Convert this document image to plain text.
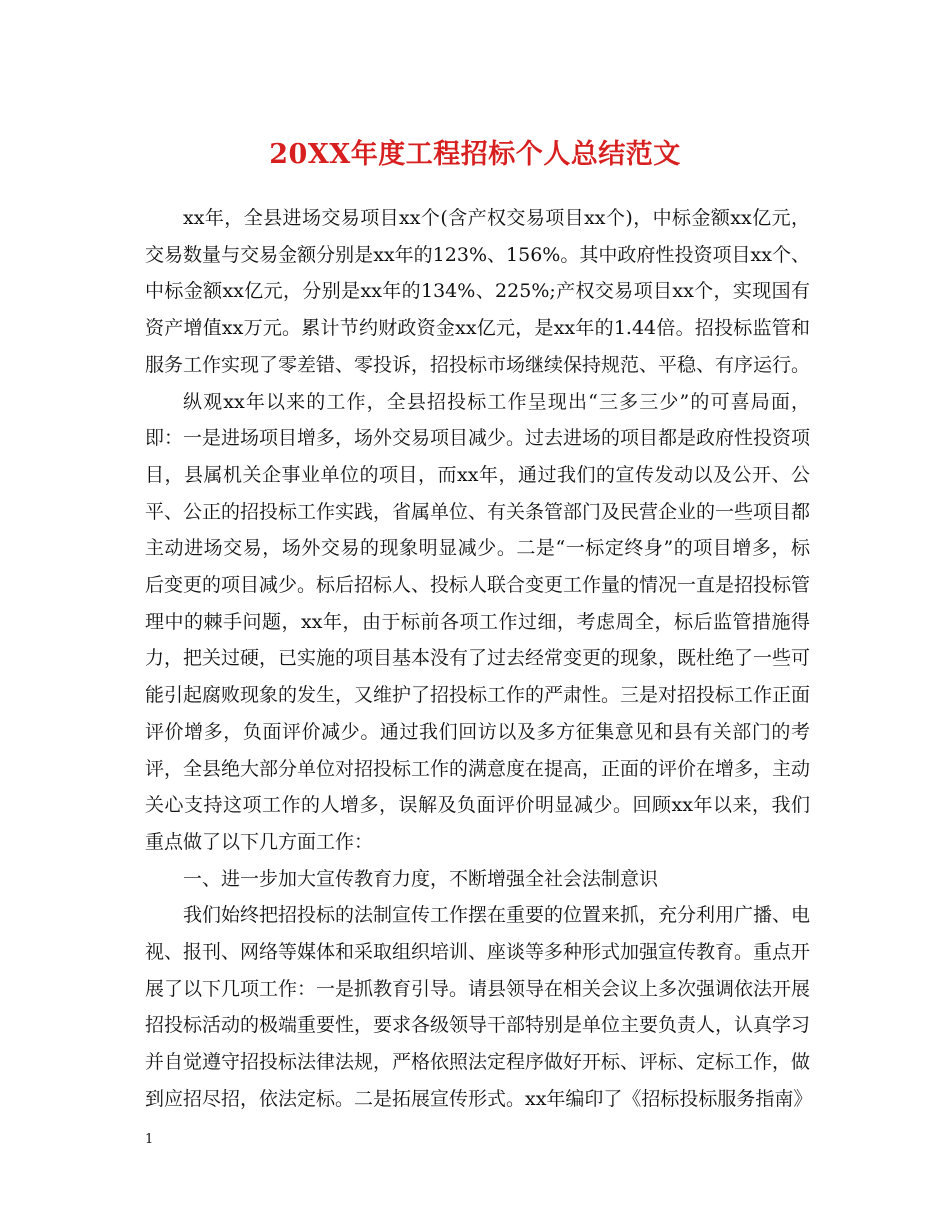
20XX年度工程招标个人总结范文

xx年，全县进场交易项目xx个(含产权交易项目xx个)，中标金额xx亿元，交易数量与交易金额分别是xx年的123%、156%。其中政府性投资项目xx个、中标金额xx亿元，分别是xx年的134%、225%;产权交易项目xx个，实现国有资产增值xx万元。累计节约财政资金xx亿元，是xx年的1.44倍。招投标监管和服务工作实现了零差错、零投诉，招投标市场继续保持规范、平稳、有序运行。

纵观xx年以来的工作，全县招投标工作呈现出“三多三少”的可喜局面，即：一是进场项目增多，场外交易项目减少。过去进场的项目都是政府性投资项目，县属机关企事业单位的项目，而xx年，通过我们的宣传发动以及公开、公平、公正的招投标工作实践，省属单位、有关条管部门及民营企业的一些项目都主动进场交易，场外交易的现象明显减少。二是“一标定终身”的项目增多，标后变更的项目减少。标后招标人、投标人联合变更工作量的情况一直是招投标管理中的棘手问题，xx年，由于标前各项工作过细，考虑周全，标后监管措施得力，把关过硬，已实施的项目基本没有了过去经常变更的现象，既杜绝了一些可能引起腐败现象的发生，又维护了招投标工作的严肃性。三是对招投标工作正面评价增多，负面评价减少。通过我们回访以及多方征集意见和县有关部门的考评，全县绝大部分单位对招投标工作的满意度在提高，正面的评价在增多，主动关心支持这项工作的人增多，误解及负面评价明显减少。回顾xx年以来，我们重点做了以下几方面工作：

一、进一步加大宣传教育力度，不断增强全社会法制意识

我们始终把招投标的法制宣传工作摆在重要的位置来抓，充分利用广播、电视、报刊、网络等媒体和采取组织培训、座谈等多种形式加强宣传教育。重点开展了以下几项工作：一是抓教育引导。请县领导在相关会议上多次强调依法开展招投标活动的极端重要性，要求各级领导干部特别是单位主要负责人，认真学习并自觉遵守招投标法律法规，严格依照法定程序做好开标、评标、定标工作，做到应招尽招，依法定标。二是拓展宣传形式。xx年编印了《招标投标服务指南》

1
